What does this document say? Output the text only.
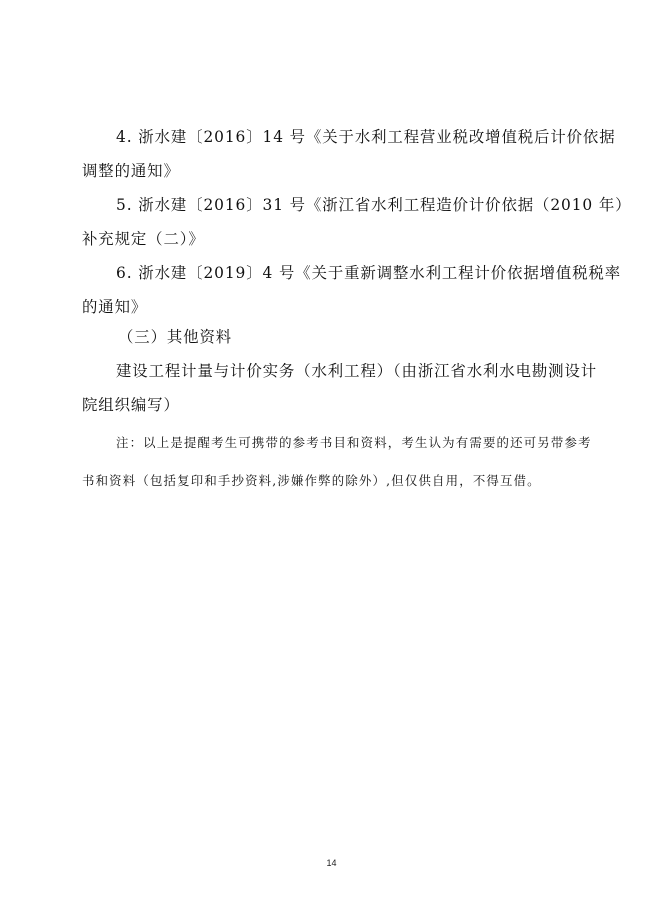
4. 浙水建〔2016〕14 号《关于水利工程营业税改增值税后计价依据
调整的通知》
5. 浙水建〔2016〕31 号《浙江省水利工程造价计价依据（2010 年）
补充规定（二）》
6. 浙水建〔2019〕4 号《关于重新调整水利工程计价依据增值税税率
的通知》
（三）其他资料
建设工程计量与计价实务（水利工程）（由浙江省水利水电勘测设计
院组织编写）
注：以上是提醒考生可携带的参考书目和资料，考生认为有需要的还可另带参考
书和资料（包括复印和手抄资料,涉嫌作弊的除外）,但仅供自用，不得互借。
14
